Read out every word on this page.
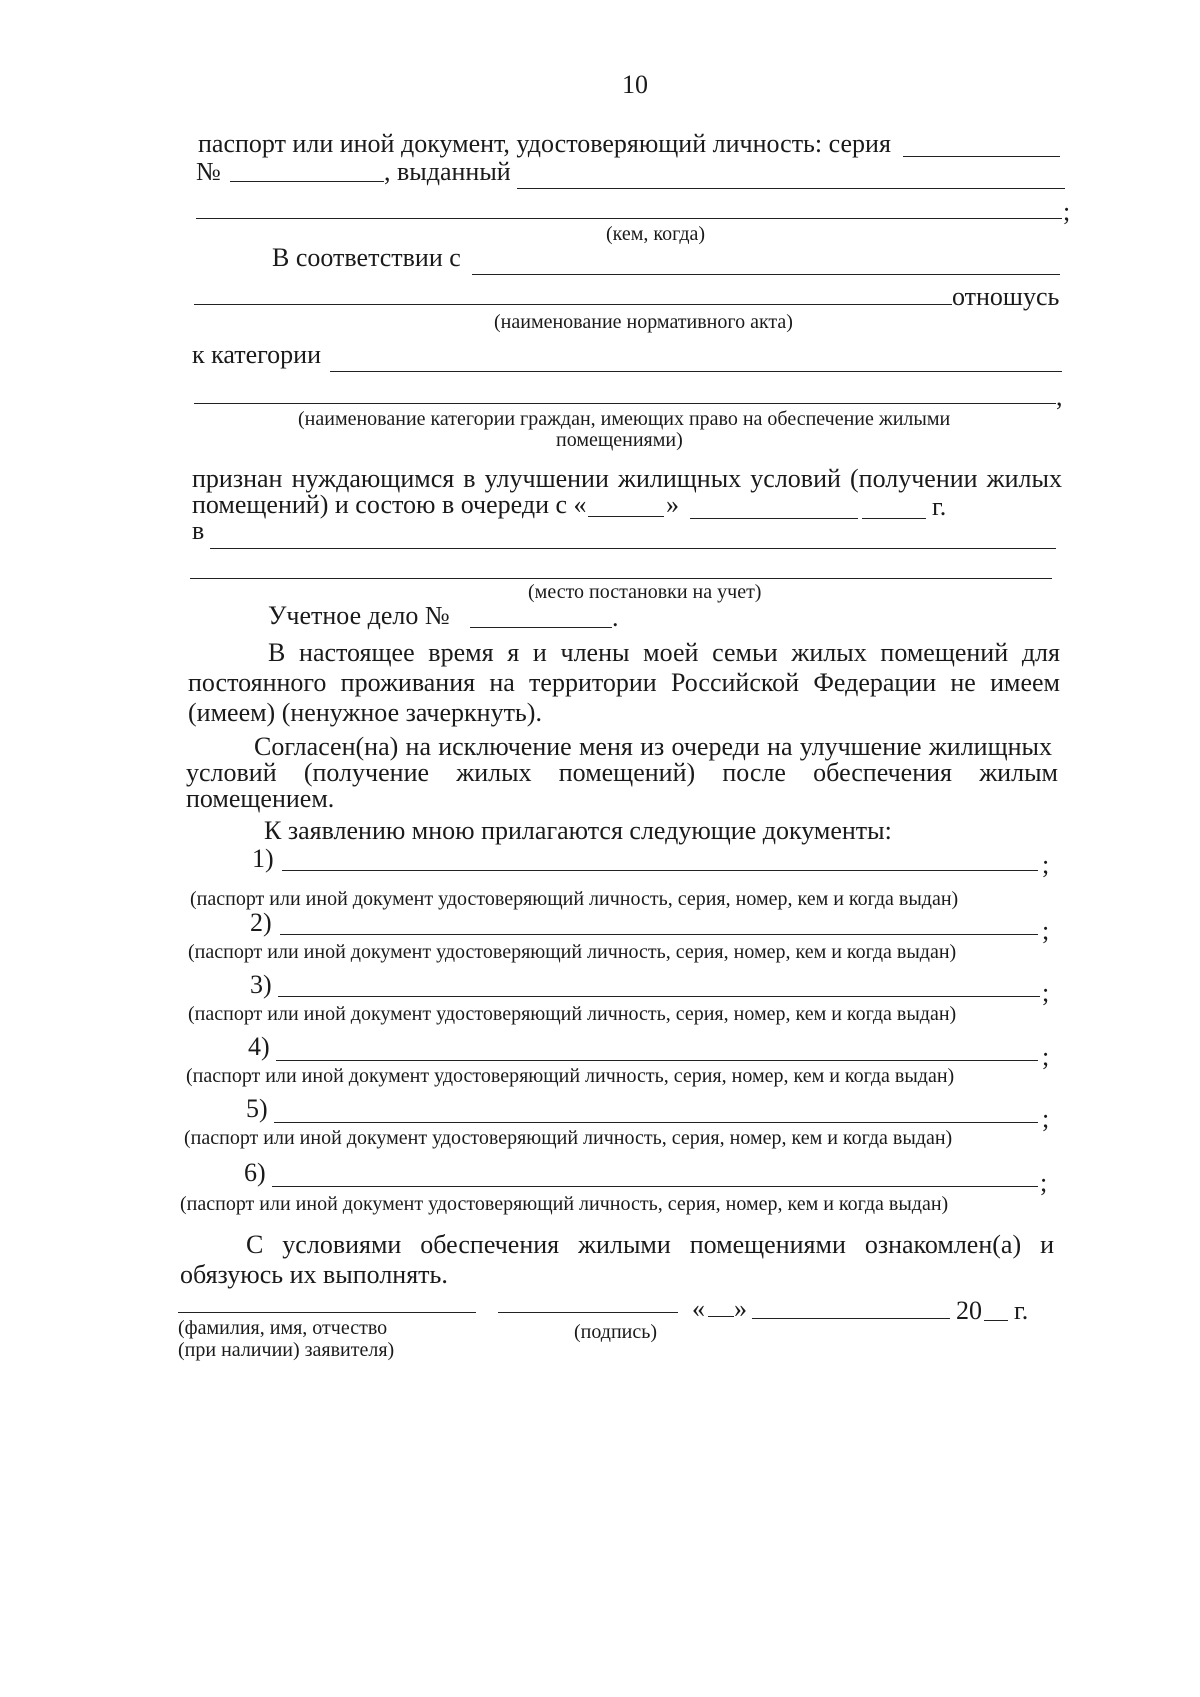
10
паспорт или иной документ, удостоверяющий личность: серия
№	, выданный
;
(кем, когда)
В соответствии с
отношусь
(наименование нормативного акта)
к категории
,
(наименование категории граждан, имеющих право на обеспечение жилыми
помещениями)
признан нуждающимся в улучшении жилищных условий (получении жилых
помещений) и состою в очереди с «	»	г.
в
(место постановки на учет)
Учетное дело №	.
В настоящее время я и члены моей семьи жилых помещений для
постоянного проживания на территории Российской Федерации не имеем
(имеем) (ненужное зачеркнуть).
Согласен(на) на исключение меня из очереди на улучшение жилищных
условий (получение жилых помещений) после обеспечения жилым
помещением.
К заявлению мною прилагаются следующие документы:
1)	;
(паспорт или иной документ удостоверяющий личность, серия, номер, кем и когда выдан)
2)	;
(паспорт или иной документ удостоверяющий личность, серия, номер, кем и когда выдан)
3)	;
(паспорт или иной документ удостоверяющий личность, серия, номер, кем и когда выдан)
4)	;
(паспорт или иной документ удостоверяющий личность, серия, номер, кем и когда выдан)
5)	;
(паспорт или иной документ удостоверяющий личность, серия, номер, кем и когда выдан)
6)	;
(паспорт или иной документ удостоверяющий личность, серия, номер, кем и когда выдан)
С условиями обеспечения жилыми помещениями ознакомлен(а) и
обязуюсь их выполнять.
« »	20 г.
(фамилия, имя, отчество
(при наличии) заявителя)
(подпись)
